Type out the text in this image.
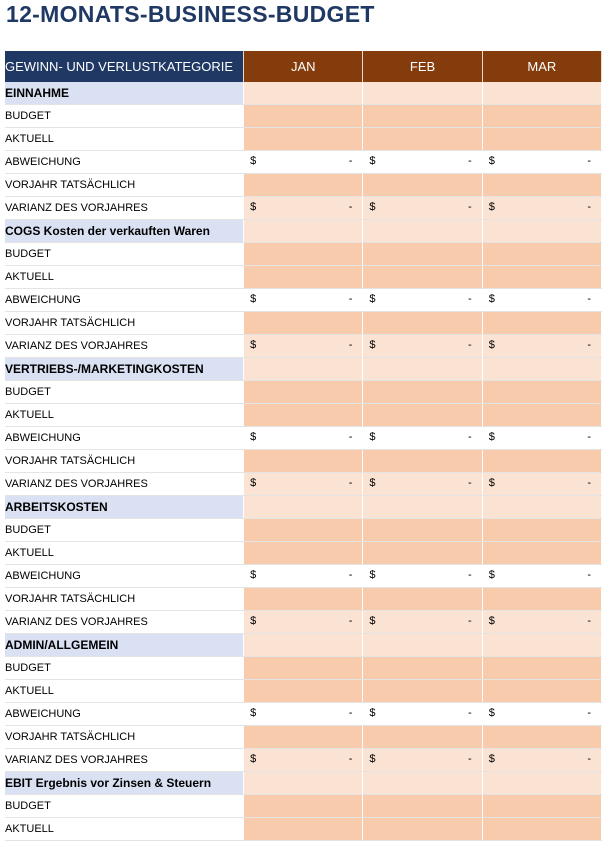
12-MONATS-BUSINESS-BUDGET
GEWINN- UND VERLUSTKATEGORIE	JAN	FEB	MAR
EINNAHME			
BUDGET			
AKTUELL			
ABWEICHUNG	$ -	$ -	$ -

VORJAHR TATSÄCHLICH			
VARIANZ DES VORJAHRES	$ -	$ -	$ -

COGS Kosten der verkauften Waren			
BUDGET			
AKTUELL			
ABWEICHUNG	$ -	$ -	$ -

VORJAHR TATSÄCHLICH			
VARIANZ DES VORJAHRES	$ -	$ -	$ -

VERTRIEBS-/MARKETINGKOSTEN			
BUDGET			
AKTUELL			
ABWEICHUNG	$ -	$ -	$ -

VORJAHR TATSÄCHLICH			
VARIANZ DES VORJAHRES	$ -	$ -	$ -

ARBEITSKOSTEN			
BUDGET			
AKTUELL			
ABWEICHUNG	$ -	$ -	$ -

VORJAHR TATSÄCHLICH			
VARIANZ DES VORJAHRES	$ -	$ -	$ -

ADMIN/ALLGEMEIN			
BUDGET			
AKTUELL			
ABWEICHUNG	$ -	$ -	$ -

VORJAHR TATSÄCHLICH			
VARIANZ DES VORJAHRES	$ -	$ -	$ -

EBIT Ergebnis vor Zinsen & Steuern			
BUDGET			
AKTUELL			
